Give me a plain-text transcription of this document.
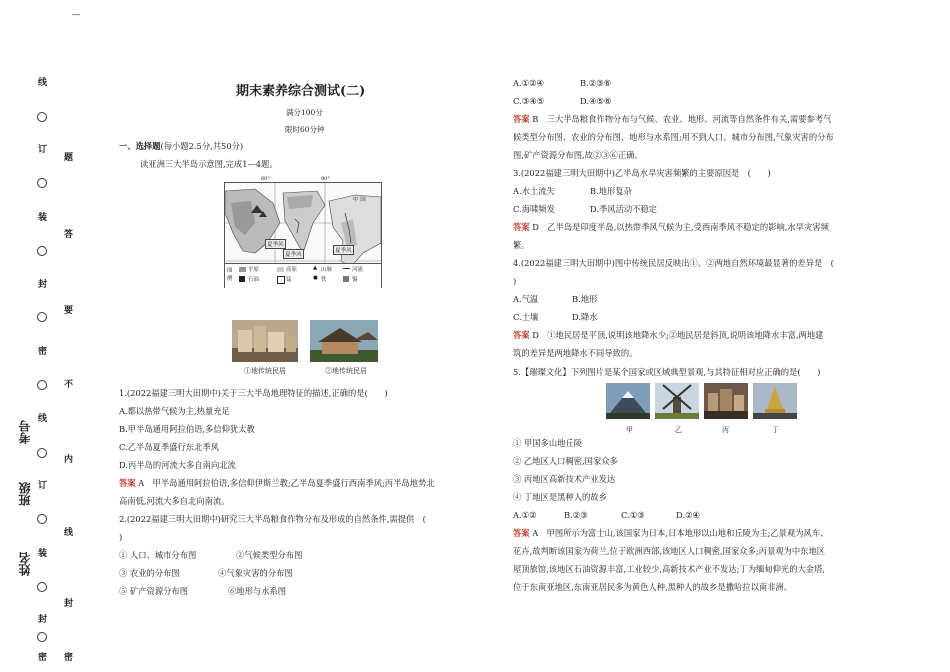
—
线
订
装
封
密
线
订
装
封
密
题
答
要
不
内
线
封
密
考号
班级
姓名
期末素养综合测试(二)
满分100分
限时60分钟
一、选择题(每小题2.5分,共50分)
读亚洲三大半岛示意图,完成1—4题。
60°	90°
中 国
夏季风
夏季风
夏季风
图例
平原	高原	▲ 山脉	河流
石油	锰	● 铁	锡
①地传统民居	②地传统民居
1.(2022福建三明大田期中)关于三大半岛地理特征的描述,正确的是(　　)
A.都以热带气候为主,热量充足
B.甲半岛通用阿拉伯语,多信仰犹太教
C.乙半岛夏季盛行东北季风
D.丙半岛的河流大多自南向北流
答案 A　甲半岛通用阿拉伯语,多信仰伊斯兰教;乙半岛夏季盛行西南季风;丙半岛地势北
高南低,河流大多自北向南流。
2.(2022福建三明大田期中)研究三大半岛粮食作物分布及形成的自然条件,需提供　(
)
① 人口、城市分布图	②气候类型分布图
③ 农业的分布图	④气象灾害的分布图
⑤ 矿产资源分布图	⑥地形与水系图
A.①②④	B.②③⑥
C.③④⑤	D.④⑤⑥
答案 B　三大半岛粮食作物分布与气候、农业、地形、河流等自然条件有关,需要参考气
候类型分布图、农业的分布图、地形与水系图;用不到人口、城市分布图,气象灾害的分布
图,矿产资源分布图,故②③⑥正确。
3.(2022福建三明大田期中)乙半岛水旱灾害频繁的主要原因是　(　　)
A.水土流失	B.地形复杂
C.海啸频发	D.季风活动不稳定
答案 D　乙半岛是印度半岛,以热带季风气候为主,受西南季风不稳定的影响,水旱灾害频
繁。
4.(2022福建三明大田期中)图中传统民居反映出①、②两地自然环境最显著的差异是　(
)
A.气温	B.地形
C.土壤	D.降水
答案 D　①地民居是平顶,说明该地降水少;②地民居是斜顶,说明该地降水丰富,两地建
筑的差异是两地降水不同导致的。
5.【璀璨文化】下列图片是某个国家或区域典型景观,与其特征相对应正确的是(　　)
甲	乙	丙	丁
① 甲国多山地丘陵
② 乙地区人口稠密,国家众多
③ 丙地区高新技术产业发达
④ 丁地区是黑种人的故乡
A.①②	B.②③	C.①③	D.②④
答案 A　甲图所示为富士山,该国家为日本,日本地形以山地和丘陵为主;乙景观为风车、
花卉,故判断该国家为荷兰,位于欧洲西部,该地区人口稠密,国家众多;丙景观为中东地区
屋顶旅馆,该地区石油资源丰富,工业较少,高新技术产业不发达;丁为缅甸仰光的大金塔,
位于东南亚地区,东南亚居民多为黄色人种,黑种人的故乡是撒哈拉以南非洲。
